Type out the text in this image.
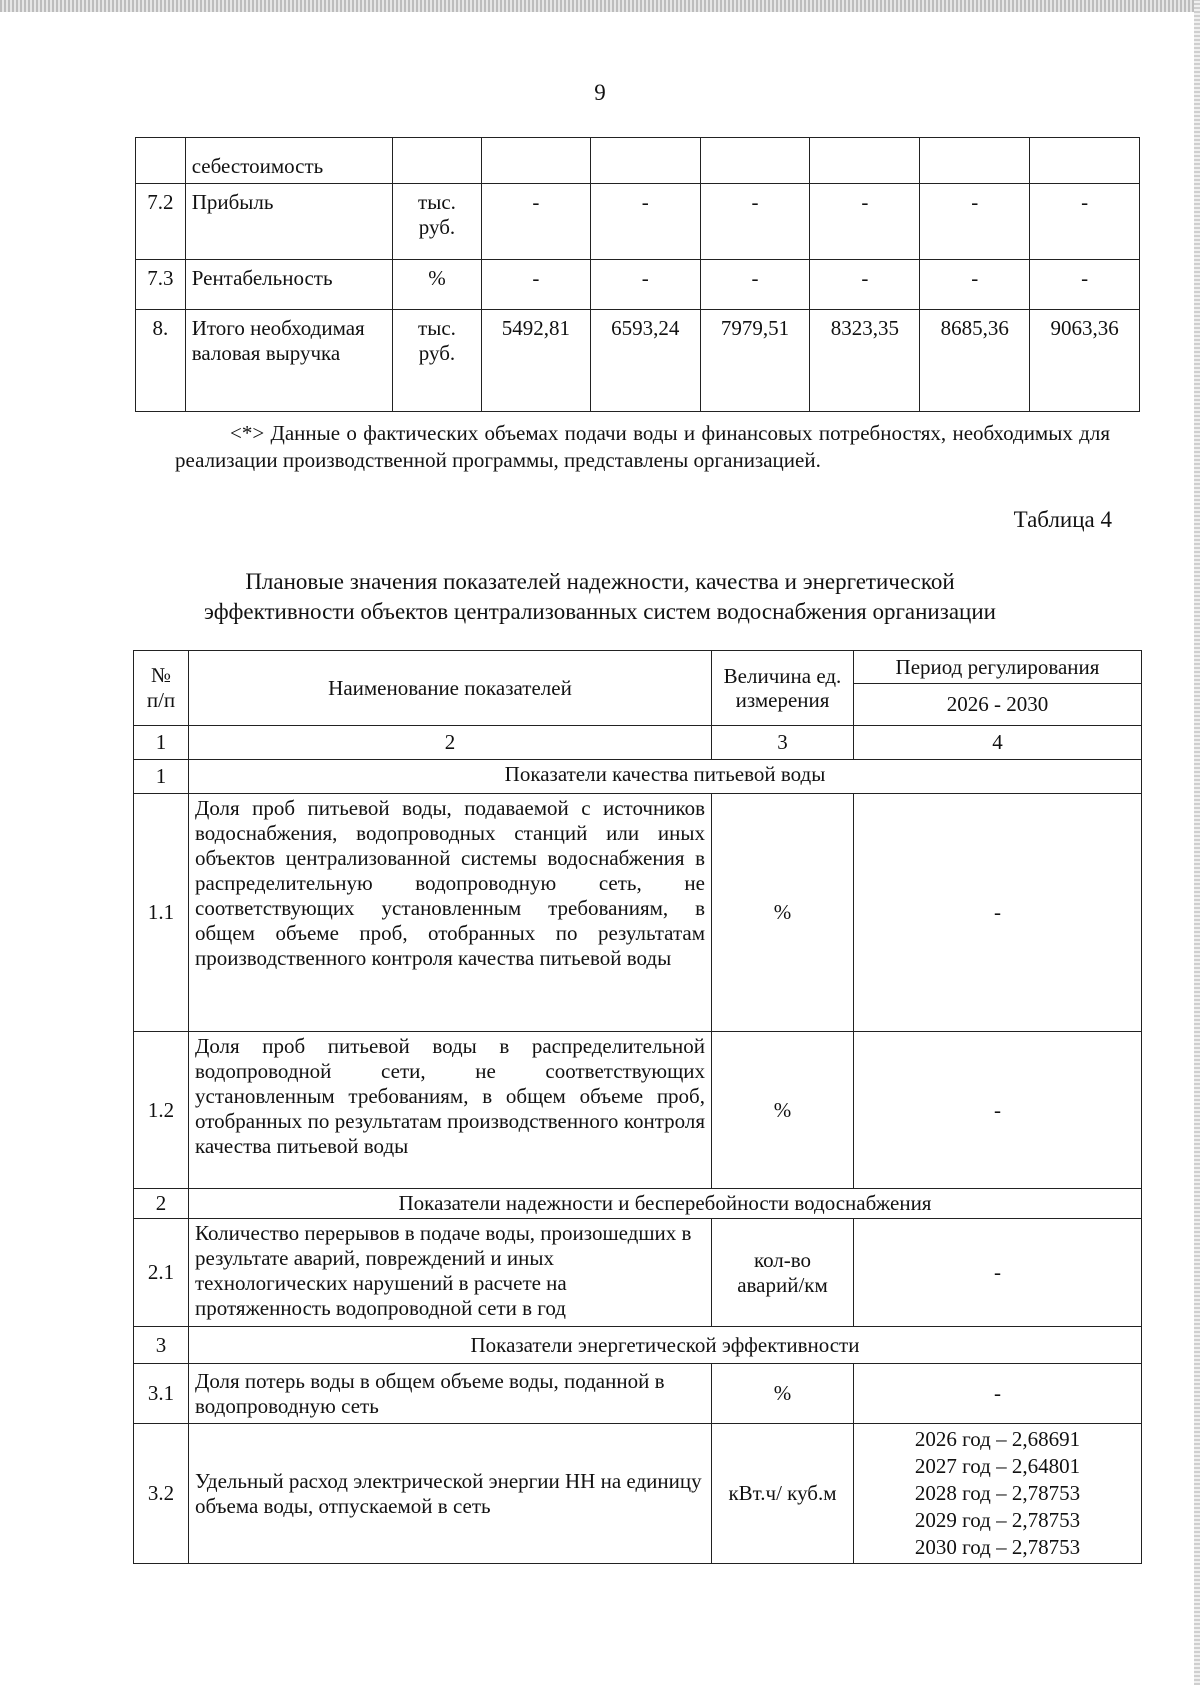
9
	себестоимость							
7.2	Прибыль	тыс. руб.	-	-	-	-	-	-
7.3	Рентабельность	%	-	-	-	-	-	-
8.	Итого необходимая валовая выручка	тыс. руб.	5492,81	6593,24	7979,51	8323,35	8685,36	9063,36
<*> Данные о фактических объемах подачи воды и финансовых потребностях, необходимых для реализации производственной программы, представлены организацией.
Таблица 4
Плановые значения показателей надежности, качества и энергетической
эффективности объектов централизованных систем водоснабжения организации
№ п/п	Наименование показателей	Величина ед. измерения	Период регулирования
			2026 - 2030
1	2	3	4
1	Показатели качества питьевой воды		
1.1	Доля проб питьевой воды, подаваемой с источников водоснабжения, водопроводных станций или иных объектов централизованной системы водоснабжения в распределительную водопроводную сеть, не соответствующих установленным требованиям, в общем объеме проб, отобранных по результатам производственного контроля качества питьевой воды	%	-
1.2	Доля проб питьевой воды в распределительной водопроводной сети, не соответствующих установленным требованиям, в общем объеме проб, отобранных по результатам производственного контроля качества питьевой воды	%	-
2	Показатели надежности и бесперебойности водоснабжения		
2.1	Количество перерывов в подаче воды, произошедших в результате аварий, повреждений и иных технологических нарушений в расчете на протяженность водопроводной сети в год	кол-во аварий/км	-
3	Показатели энергетической эффективности		
3.1	Доля потерь воды в общем объеме воды, поданной в водопроводную сеть	%	-
3.2	Удельный расход электрической энергии НН на единицу объема воды, отпускаемой в сеть	кВт.ч/ куб.м	2026 год – 2,68691
2027 год – 2,64801
2028 год – 2,78753
2029 год – 2,78753
2030 год – 2,78753
